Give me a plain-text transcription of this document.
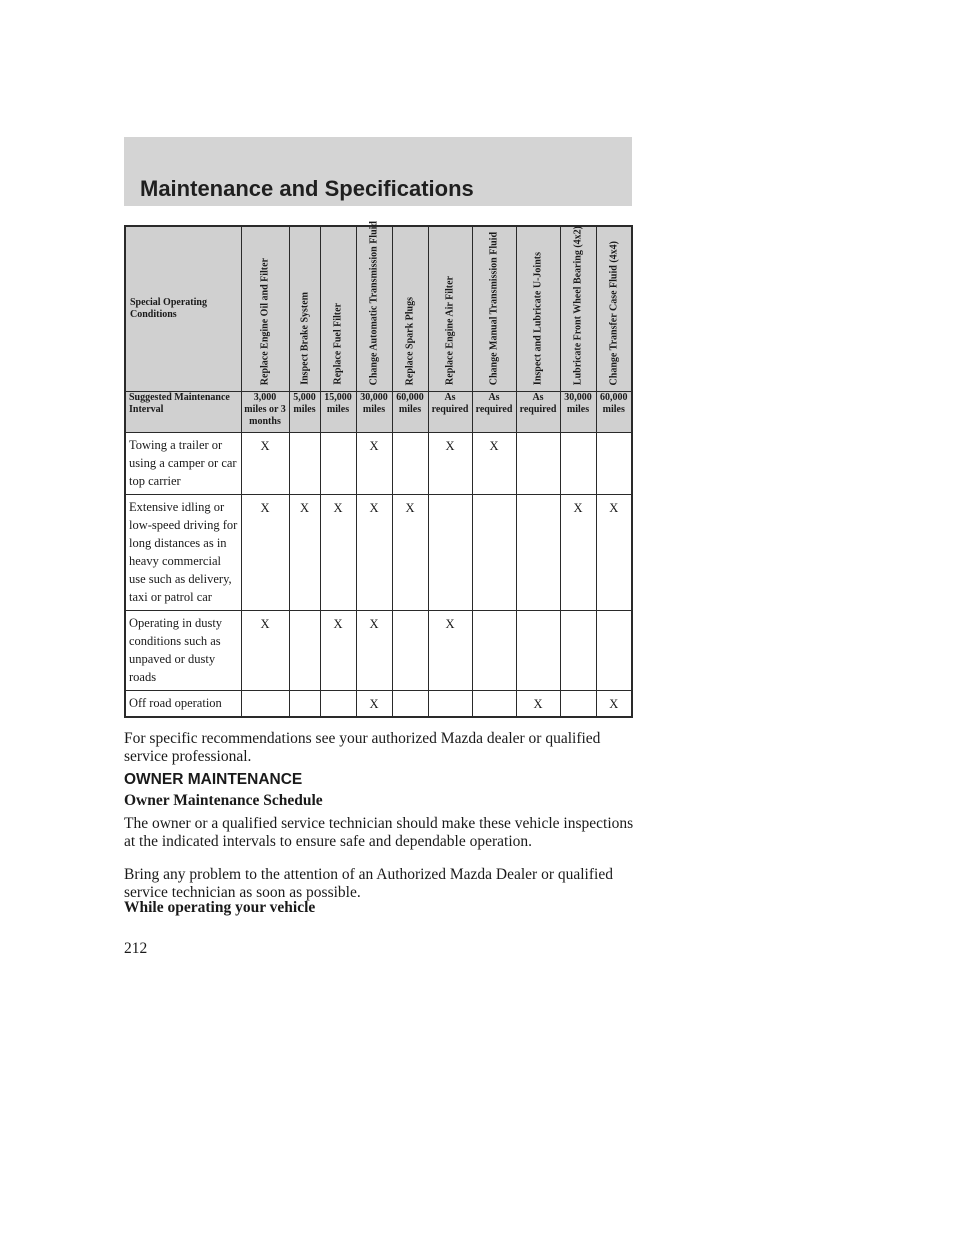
Maintenance and Specifications
Special Operating Conditions	Replace Engine Oil and Filter	Inspect Brake System	Replace Fuel Filter	Change Automatic Transmission Fluid	Replace Spark Plugs	Replace Engine Air Filter	Change Manual Transmission Fluid	Inspect and Lubricate U-Joints	Lubricate Front Wheel Bearing (4x2)	Change Transfer Case Fluid (4x4)

Suggested Maintenance Interval	3,000 miles or 3 months	5,000 miles	15,000 miles	30,000 miles	60,000 miles	As required	As required	As required	30,000 miles	60,000 miles
Towing a trailer or using a camper or car top carrier	X			X		X	X			
Extensive idling or low-speed driving for long distances as in heavy commercial use such as delivery, taxi or patrol car	X	X	X	X	X				X	X
Operating in dusty conditions such as unpaved or dusty roads	X		X	X		X				
Off road operation				X				X		X
For specific recommendations see your authorized Mazda dealer or qualified service professional.
OWNER MAINTENANCE
Owner Maintenance Schedule
The owner or a qualified service technician should make these vehicle inspections at the indicated intervals to ensure safe and dependable operation.
Bring any problem to the attention of an Authorized Mazda Dealer or qualified service technician as soon as possible.
While operating your vehicle
212
